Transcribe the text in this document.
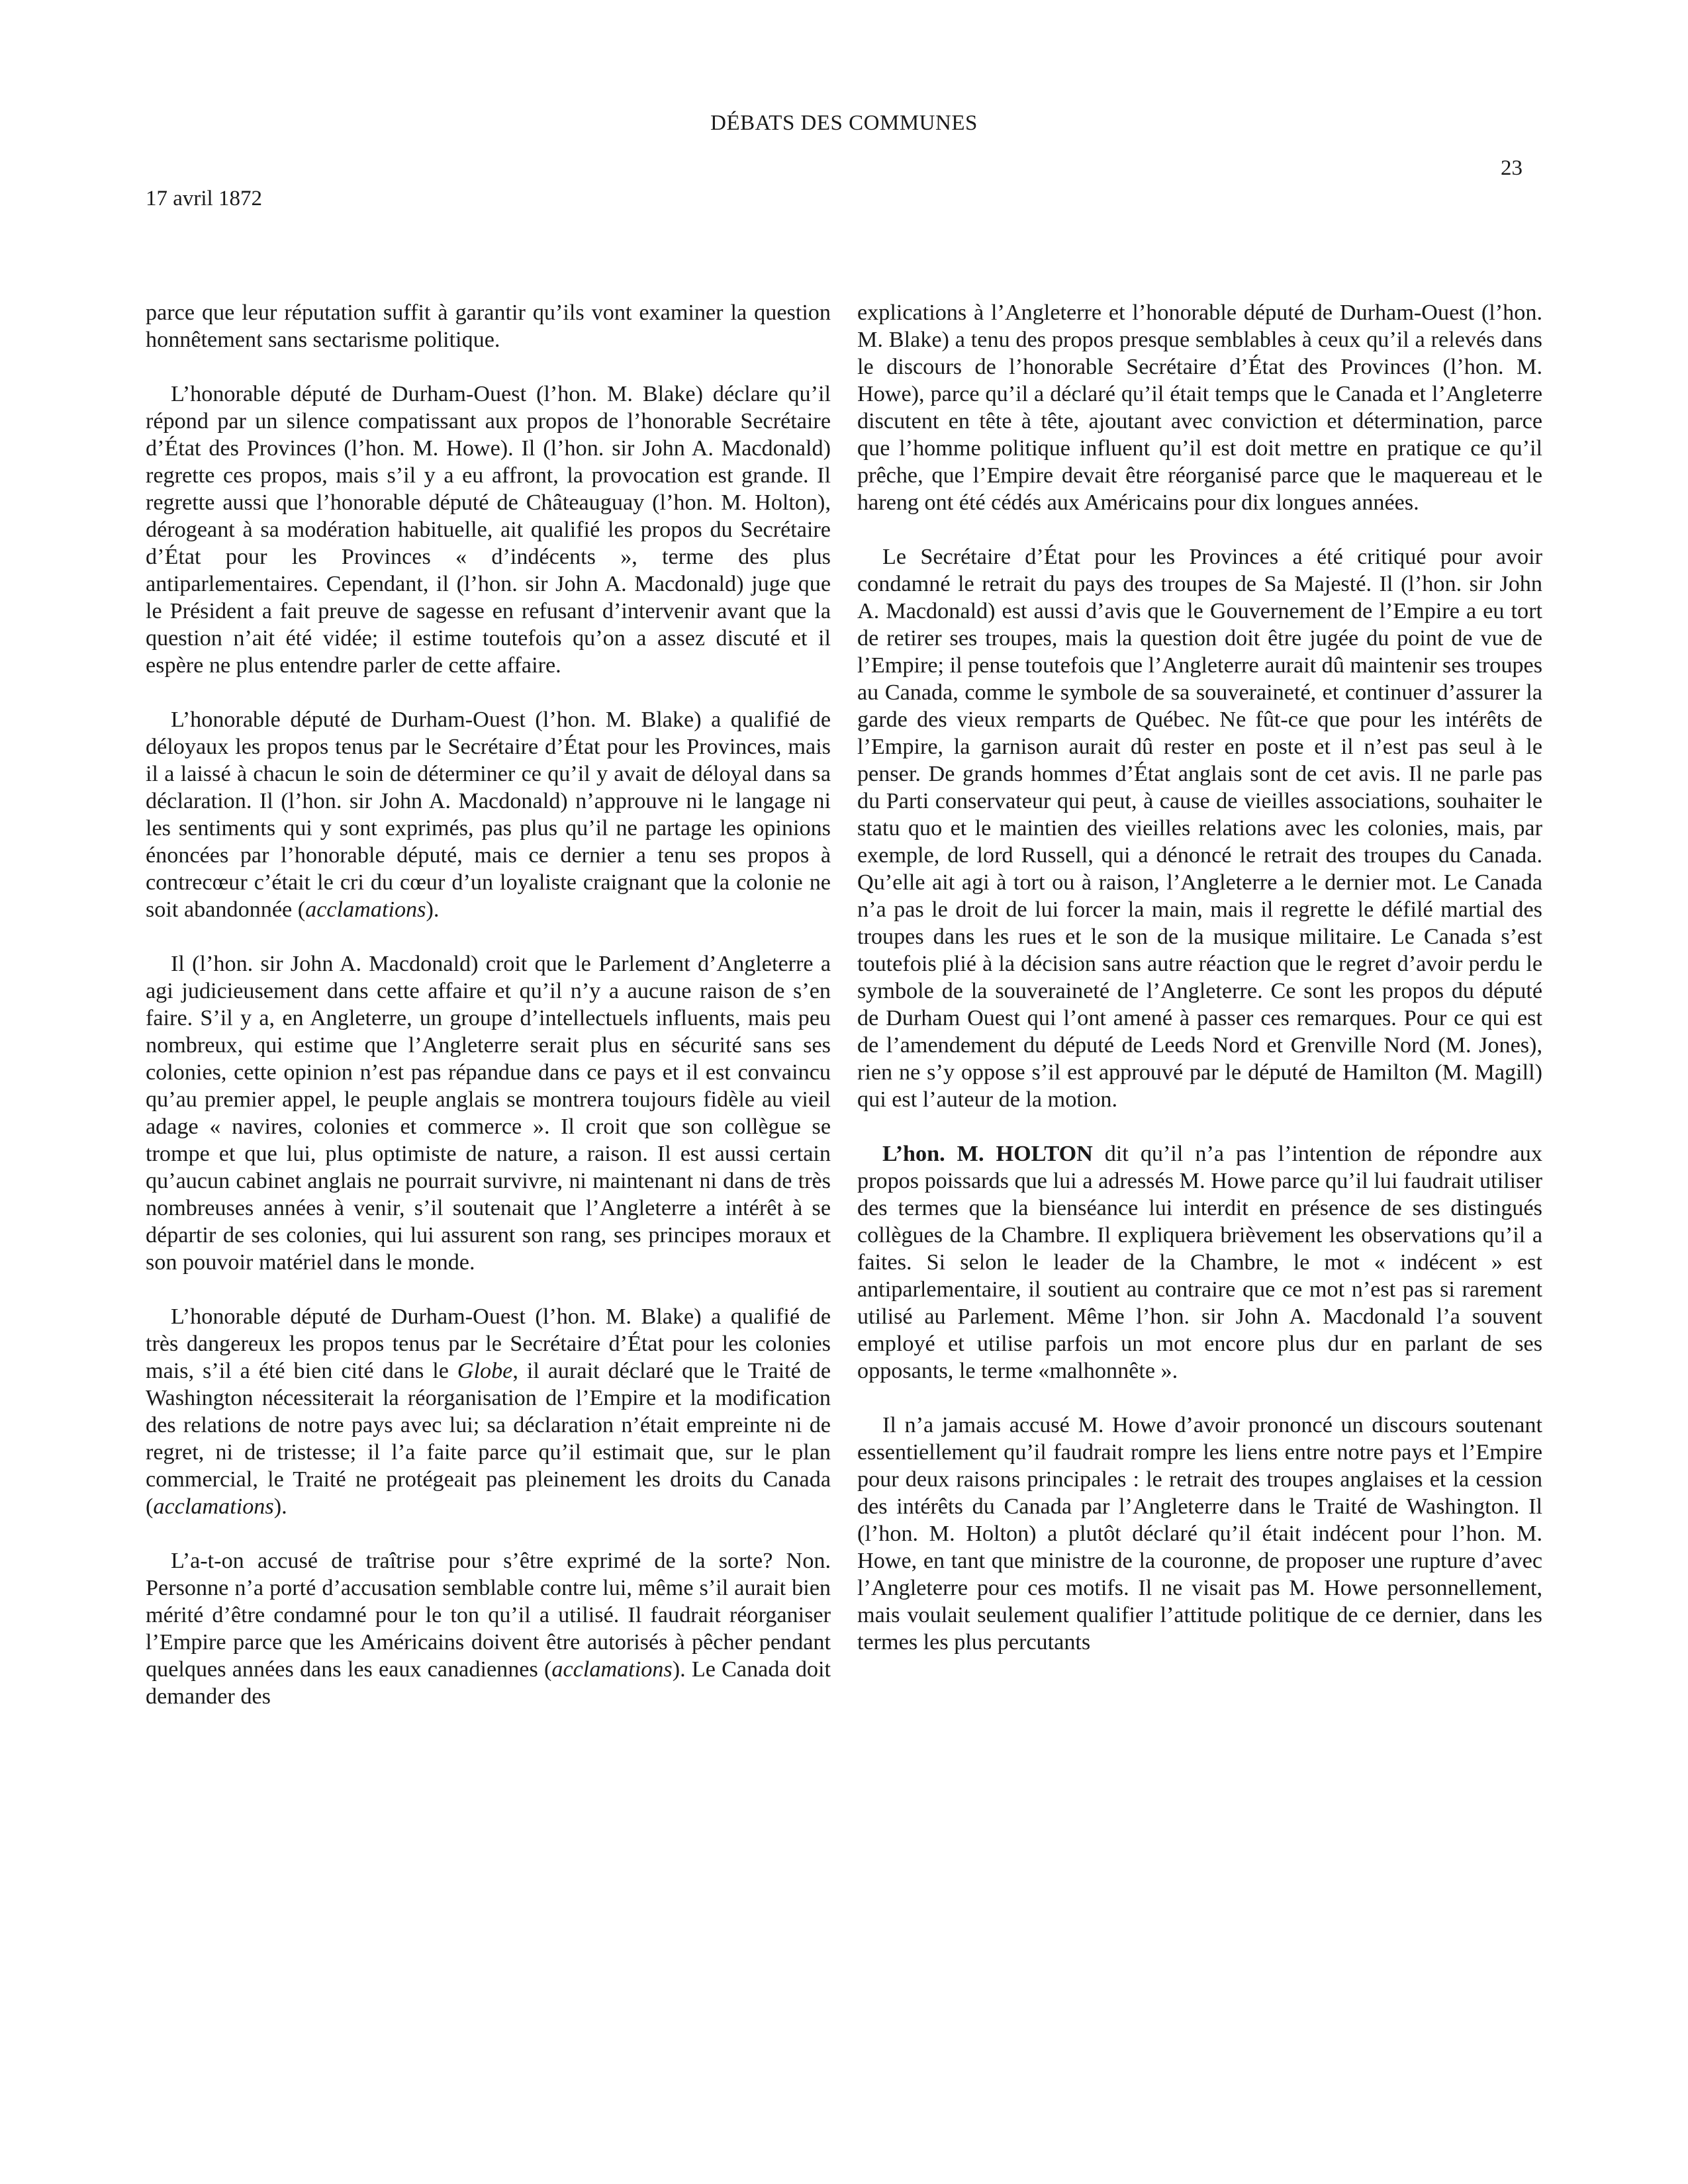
DÉBATS DES COMMUNES
23
17 avril 1872

parce que leur réputation suffit à garantir qu’ils vont examiner la question honnêtement sans sectarisme politique.

L’honorable député de Durham-Ouest (l’hon. M. Blake) déclare qu’il répond par un silence compatissant aux propos de l’honorable Secrétaire d’État des Provinces (l’hon. M. Howe). Il (l’hon. sir John A. Macdonald) regrette ces propos, mais s’il y a eu affront, la provocation est grande. Il regrette aussi que l’honorable député de Châteauguay (l’hon. M. Holton), dérogeant à sa modération habituelle, ait qualifié les propos du Secrétaire d’État pour les Provinces « d’indécents », terme des plus antiparlementaires. Cependant, il (l’hon. sir John A. Macdonald) juge que le Président a fait preuve de sagesse en refusant d’intervenir avant que la question n’ait été vidée; il estime toutefois qu’on a assez discuté et il espère ne plus entendre parler de cette affaire.

L’honorable député de Durham-Ouest (l’hon. M. Blake) a qualifié de déloyaux les propos tenus par le Secrétaire d’État pour les Provinces, mais il a laissé à chacun le soin de déterminer ce qu’il y avait de déloyal dans sa déclaration. Il (l’hon. sir John A. Macdonald) n’approuve ni le langage ni les sentiments qui y sont exprimés, pas plus qu’il ne partage les opinions énoncées par l’honorable député, mais ce dernier a tenu ses propos à contrecœur c’était le cri du cœur d’un loyaliste craignant que la colonie ne soit abandonnée (acclamations).

Il (l’hon. sir John A. Macdonald) croit que le Parlement d’Angleterre a agi judicieusement dans cette affaire et qu’il n’y a aucune raison de s’en faire. S’il y a, en Angleterre, un groupe d’intellectuels influents, mais peu nombreux, qui estime que l’Angleterre serait plus en sécurité sans ses colonies, cette opinion n’est pas répandue dans ce pays et il est convaincu qu’au premier appel, le peuple anglais se montrera toujours fidèle au vieil adage « navires, colonies et commerce ». Il croit que son collègue se trompe et que lui, plus optimiste de nature, a raison. Il est aussi certain qu’aucun cabinet anglais ne pourrait survivre, ni maintenant ni dans de très nombreuses années à venir, s’il soutenait que l’Angleterre a intérêt à se départir de ses colonies, qui lui assurent son rang, ses principes moraux et son pouvoir matériel dans le monde.

L’honorable député de Durham-Ouest (l’hon. M. Blake) a qualifié de très dangereux les propos tenus par le Secrétaire d’État pour les colonies mais, s’il a été bien cité dans le Globe, il aurait déclaré que le Traité de Washington nécessiterait la réorganisation de l’Empire et la modification des relations de notre pays avec lui; sa déclaration n’était empreinte ni de regret, ni de tristesse; il l’a faite parce qu’il estimait que, sur le plan commercial, le Traité ne protégeait pas pleinement les droits du Canada (acclamations).

L’a-t-on accusé de traîtrise pour s’être exprimé de la sorte? Non. Personne n’a porté d’accusation semblable contre lui, même s’il aurait bien mérité d’être condamné pour le ton qu’il a utilisé. Il faudrait réorganiser l’Empire parce que les Américains doivent être autorisés à pêcher pendant quelques années dans les eaux canadiennes (acclamations). Le Canada doit demander des

explications à l’Angleterre et l’honorable député de Durham-Ouest (l’hon. M. Blake) a tenu des propos presque semblables à ceux qu’il a relevés dans le discours de l’honorable Secrétaire d’État des Provinces (l’hon. M. Howe), parce qu’il a déclaré qu’il était temps que le Canada et l’Angleterre discutent en tête à tête, ajoutant avec conviction et détermination, parce que l’homme politique influent qu’il est doit mettre en pratique ce qu’il prêche, que l’Empire devait être réorganisé parce que le maquereau et le hareng ont été cédés aux Américains pour dix longues années.

Le Secrétaire d’État pour les Provinces a été critiqué pour avoir condamné le retrait du pays des troupes de Sa Majesté. Il (l’hon. sir John A. Macdonald) est aussi d’avis que le Gouvernement de l’Empire a eu tort de retirer ses troupes, mais la question doit être jugée du point de vue de l’Empire; il pense toutefois que l’Angleterre aurait dû maintenir ses troupes au Canada, comme le symbole de sa souveraineté, et continuer d’assurer la garde des vieux remparts de Québec. Ne fût-ce que pour les intérêts de l’Empire, la garnison aurait dû rester en poste et il n’est pas seul à le penser. De grands hommes d’État anglais sont de cet avis. Il ne parle pas du Parti conservateur qui peut, à cause de vieilles associations, souhaiter le statu quo et le maintien des vieilles relations avec les colonies, mais, par exemple, de lord Russell, qui a dénoncé le retrait des troupes du Canada. Qu’elle ait agi à tort ou à raison, l’Angleterre a le dernier mot. Le Canada n’a pas le droit de lui forcer la main, mais il regrette le défilé martial des troupes dans les rues et le son de la musique militaire. Le Canada s’est toutefois plié à la décision sans autre réaction que le regret d’avoir perdu le symbole de la souveraineté de l’Angleterre. Ce sont les propos du député de Durham Ouest qui l’ont amené à passer ces remarques. Pour ce qui est de l’amendement du député de Leeds Nord et Grenville Nord (M. Jones), rien ne s’y oppose s’il est approuvé par le député de Hamilton (M. Magill) qui est l’auteur de la motion.

L’hon. M. HOLTON dit qu’il n’a pas l’intention de répondre aux propos poissards que lui a adressés M. Howe parce qu’il lui faudrait utiliser des termes que la bienséance lui interdit en présence de ses distingués collègues de la Chambre. Il expliquera brièvement les observations qu’il a faites. Si selon le leader de la Chambre, le mot « indécent » est antiparlementaire, il soutient au contraire que ce mot n’est pas si rarement utilisé au Parlement. Même l’hon. sir John A. Macdonald l’a souvent employé et utilise parfois un mot encore plus dur en parlant de ses opposants, le terme «malhonnête ».

Il n’a jamais accusé M. Howe d’avoir prononcé un discours soutenant essentiellement qu’il faudrait rompre les liens entre notre pays et l’Empire pour deux raisons principales : le retrait des troupes anglaises et la cession des intérêts du Canada par l’Angleterre dans le Traité de Washington. Il (l’hon. M. Holton) a plutôt déclaré qu’il était indécent pour l’hon. M. Howe, en tant que ministre de la couronne, de proposer une rupture d’avec l’Angleterre pour ces motifs. Il ne visait pas M. Howe personnellement, mais voulait seulement qualifier l’attitude politique de ce dernier, dans les termes les plus percutants
